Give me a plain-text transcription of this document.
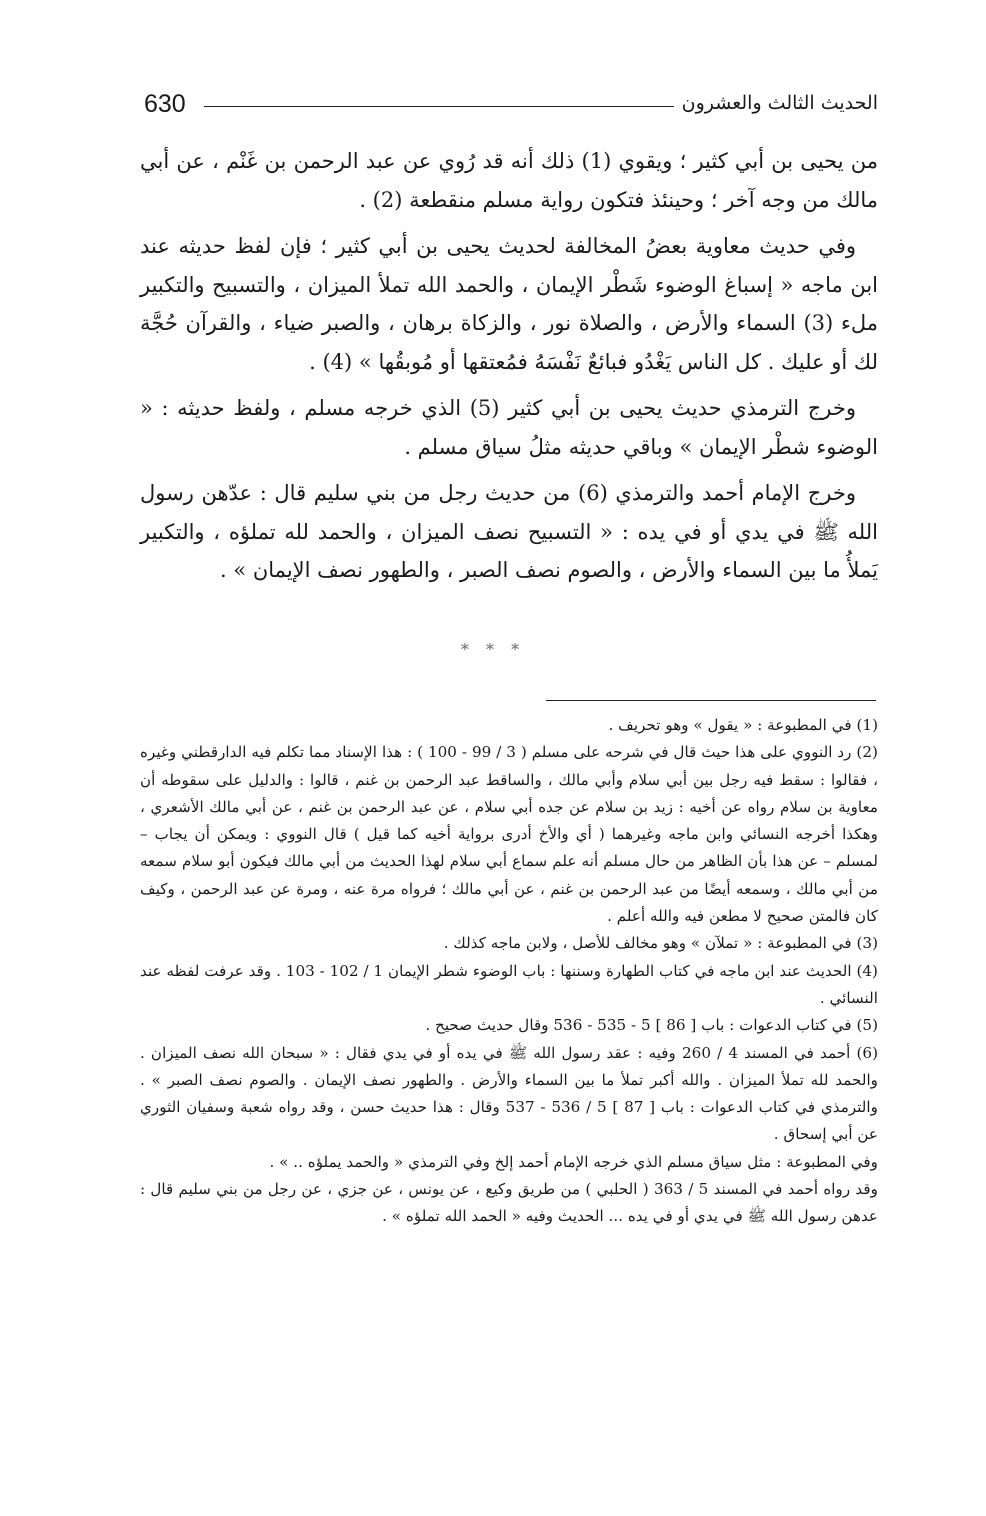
630	الحديث الثالث والعشرون

من يحيى بن أبي كثير ؛ ويقوي (1) ذلك أنه قد رُوي عن عبد الرحمن بن غَنْم ، عن أبي مالك من وجه آخر ؛ وحينئذ فتكون رواية مسلم منقطعة (2) .

وفي حديث معاوية بعضُ المخالفة لحديث يحيى بن أبي كثير ؛ فإن لفظ حديثه عند ابن ماجه « إسباغ الوضوء شَطْر الإيمان ، والحمد الله تملأ الميزان ، والتسبيح والتكبير ملء (3) السماء والأرض ، والصلاة نور ، والزكاة برهان ، والصبر ضياء ، والقرآن حُجَّة لك أو عليك . كل الناس يَغْدُو فبائعٌ نَفْسَهُ فمُعتقها أو مُوبقُها » (4) .

وخرج الترمذي حديث يحيى بن أبي كثير (5) الذي خرجه مسلم ، ولفظ حديثه : « الوضوء شطْر الإيمان » وباقي حديثه مثلُ سياق مسلم .

وخرج الإمام أحمد والترمذي (6) من حديث رجل من بني سليم قال : عدّهن رسول الله ﷺ في يدي أو في يده : « التسبيح نصف الميزان ، والحمد لله تملؤه ، والتكبير يَملأُ ما بين السماء والأرض ، والصوم نصف الصبر ، والطهور نصف الإيمان » .

* * *

(1) في المطبوعة : « يقول » وهو تحريف .

(2) رد النووي على هذا حيث قال في شرحه على مسلم ( 3 / 99 - 100 ) : هذا الإسناد مما تكلم فيه الدارقطني وغيره ، فقالوا : سقط فيه رجل بين أبي سلام وأبي مالك ، والساقط عبد الرحمن بن غنم ، قالوا : والدليل على سقوطه أن معاوية بن سلام رواه عن أخيه : زيد بن سلام عن جده أبي سلام ، عن عبد الرحمن بن غنم ، عن أبي مالك الأشعري ، وهكذا أخرجه النسائي وابن ماجه وغيرهما ( أي والأخ أدرى برواية أخيه كما قيل ) قال النووي : ويمكن أن يجاب – لمسلم – عن هذا بأن الظاهر من حال مسلم أنه علم سماع أبي سلام لهذا الحديث من أبي مالك فيكون أبو سلام سمعه من أبي مالك ، وسمعه أيضًا من عبد الرحمن بن غنم ، عن أبي مالك ؛ فرواه مرة عنه ، ومرة عن عبد الرحمن ، وكيف كان فالمتن صحيح لا مطعن فيه والله أعلم .

(3) في المطبوعة : « تملآن » وهو مخالف للأصل ، ولابن ماجه كذلك .

(4) الحديث عند ابن ماجه في كتاب الطهارة وسننها : باب الوضوء شطر الإيمان 1 / 102 - 103 . وقد عرفت لفظه عند النسائي .

(5) في كتاب الدعوات : باب [ 86 ] 5 - 535 - 536 وقال حديث صحيح .

(6) أحمد في المسند 4 / 260 وفيه : عقد رسول الله ﷺ في يده أو في يدي فقال : « سبحان الله نصف الميزان . والحمد لله تملأ الميزان . والله أكبر تملأ ما بين السماء والأرض . والطهور نصف الإيمان . والصوم نصف الصبر » . والترمذي في كتاب الدعوات : باب [ 87 ] 5 / 536 - 537 وقال : هذا حديث حسن ، وقد رواه شعبة وسفيان الثوري عن أبي إسحاق .

وفي المطبوعة : مثل سياق مسلم الذي خرجه الإمام أحمد إلخ وفي الترمذي « والحمد يملؤه .. » .

وقد رواه أحمد في المسند 5 / 363 ( الحلبي ) من طريق وكيع ، عن يونس ، عن جزي ، عن رجل من بني سليم قال : عدهن رسول الله ﷺ في يدي أو في يده ... الحديث وفيه « الحمد الله تملؤه » .
